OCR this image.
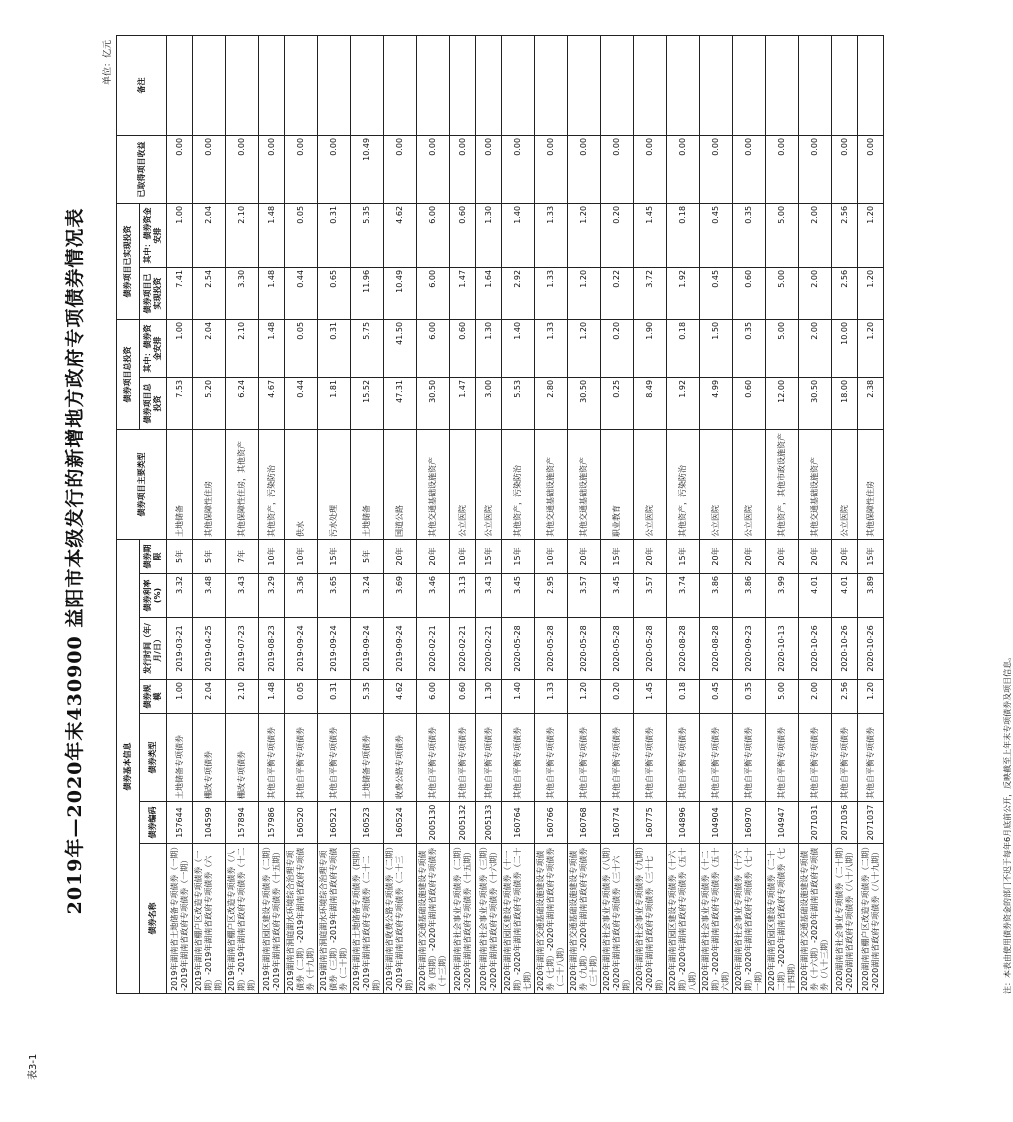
表3-1
2019年—2020年末430900 益阳市本级发行的新增地方政府专项债券情况表
单位：亿元
债券基本信息							债券项目主要类型	债券项目总投资		债券项目已实现投资		已取得项目收益	备注
债券名称	债券编码	债券类型	债券规模	发行时间（年/月/日）	债券利率(%)	债券期限		债券项目总投资	其中：债券资金安排	债券项目已实现投资	其中：债券资金安排		

2019年湖南省土地储备专项债券（一期）-2019年湖南省政府专项债券（一期）	157644	土地储备专项债券	1.00	2019-03-21	3.32	5年	土地储备	7.53	1.00	7.41	1.00	0.00	
2019年湖南省棚户区改造专项债券（一期）-2019年湖南省政府专项债券（六期）	104599	棚改专项债券	2.04	2019-04-25	3.48	5年	其他保障性住房	5.20	2.04	2.54	2.04	0.00	
2019年湖南省棚户区改造专项债券（八期）-2019年湖南省政府专项债券（十二期）	157894	棚改专项债券	2.10	2019-07-23	3.43	7年	其他保障性住房，其他资产	6.24	2.10	3.30	2.10	0.00	
2019年湖南省园区建设专项债券（二期）-2019年湖南省政府专项债券（十五期）	157986	其他自平衡专项债券	1.48	2019-08-23	3.29	10年	其他资产，污染防治	4.67	1.48	1.48	1.48	0.00	
2019湖南省洞庭湖水环境综合治理专项债券（二期）-2019年湖南省政府专项债券（十九期）	160520	其他自平衡专项债券	0.05	2019-09-24	3.36	10年	供水	0.44	0.05	0.44	0.05	0.00	
2019湖南省洞庭湖水环境综合治理专项债券（三期）-2019年湖南省政府专项债券（二十期）	160521	其他自平衡专项债券	0.31	2019-09-24	3.65	15年	污水处理	1.81	0.31	0.65	0.31	0.00	
2019年湖南省土地储备专项债券（四期）-2019年湖南省政府专项债券（二十二期）	160523	土地储备专项债券	5.35	2019-09-24	3.24	5年	土地储备	15.52	5.75	11.96	5.35	10.49	
2019年湖南省收费公路专项债券（二期）-2019年湖南省政府专项债券（二十三期）	160524	收费公路专项债券	4.62	2019-09-24	3.69	20年	国道公路	47.31	41.50	10.49	4.62	0.00	
2020年湖南省交通基础设施建设专项债券（四期）-2020年湖南省政府专项债券（十三期）	2005130	其他自平衡专项债券	6.00	2020-02-21	3.46	20年	其他交通基础设施资产	30.50	6.00	6.00	6.00	0.00	
2020年湖南省社会事业专项债券（二期）-2020年湖南省政府专项债券（十五期）	2005132	其他自平衡专项债券	0.60	2020-02-21	3.13	10年	公立医院	1.47	0.60	1.47	0.60	0.00	
2020年湖南省社会事业专项债券（三期）-2020年湖南省政府专项债券（十六期）	2005133	其他自平衡专项债券	1.30	2020-02-21	3.43	15年	公立医院	3.00	1.30	1.64	1.30	0.00	
2020年湖南省园区建设专项债券（十一期）-2020年湖南省政府专项债券（二十七期）	160764	其他自平衡专项债券	1.40	2020-05-28	3.45	15年	其他资产，污染防治	5.53	1.40	2.92	1.40	0.00	
2020年湖南省交通基础设施建设专项债券（七期）-2020年湖南省政府专项债券（二十八期）	160766	其他自平衡专项债券	1.33	2020-05-28	2.95	10年	其他交通基础设施资产	2.80	1.33	1.33	1.33	0.00	
2020年湖南省交通基础设施建设专项债券（九期）-2020年湖南省政府专项债券（三十期）	160768	其他自平衡专项债券	1.20	2020-05-28	3.57	20年	其他交通基础设施资产	30.50	1.20	1.20	1.20	0.00	
2020年湖南省社会事业专项债券（八期）-2020年湖南省政府专项债券（三十六期）	160774	其他自平衡专项债券	0.20	2020-05-28	3.45	15年	职业教育	0.25	0.20	0.22	0.20	0.00	
2020年湖南省社会事业专项债券（九期）-2020年湖南省政府专项债券（三十七期）	160775	其他自平衡专项债券	1.45	2020-05-28	3.57	20年	公立医院	8.49	1.90	3.72	1.45	0.00	
2020年湖南省园区建设专项债券（十六期）-2020年湖南省政府专项债券（五十八期）	104896	其他自平衡专项债券	0.18	2020-08-28	3.74	15年	其他资产，污染防治	1.92	0.18	1.92	0.18	0.00	
2020年湖南省社会事业专项债券（十二期）-2020年湖南省政府专项债券（五十六期）	104904	其他自平衡专项债券	0.45	2020-08-28	3.86	20年	公立医院	4.99	1.50	0.45	0.45	0.00	
2020年湖南省社会事业专项债券（十六期）-2020年湖南省政府专项债券（七十一期）	160970	其他自平衡专项债券	0.35	2020-09-23	3.86	20年	公立医院	0.60	0.35	0.60	0.35	0.00	
2020年湖南省园区建设专项债券（二十二期）-2020年湖南省政府专项债券（七十四期）	104947	其他自平衡专项债券	5.00	2020-10-13	3.99	20年	其他资产，其他市政设施资产	12.00	5.00	5.00	5.00	0.00	
2020年湖南省交通基础设施建设专项债券（十六期）-2020年湖南省政府专项债券（八十三期）	2071031	其他自平衡专项债券	2.00	2020-10-26	4.01	20年	其他交通基础设施资产	30.50	2.00	2.00	2.00	0.00	
2020湖南省社会事业专项债券（二十期）-2020湖南省政府专项债券（八十八期）	2071036	其他自平衡专项债券	2.56	2020-10-26	4.01	20年	公立医院	18.00	10.00	2.56	2.56	0.00	
2020湖南省棚户区改造专项债券（二期）-2020湖南省政府专项债券（八十九期）	2071037	其他自平衡专项债券	1.20	2020-10-26	3.89	15年	其他保障性住房	2.38	1.20	1.20	1.20	0.00	
注：本表由使用债券资金的部门不迟于每年6月底前公开，反映截至上年末专项债券及项目信息。
